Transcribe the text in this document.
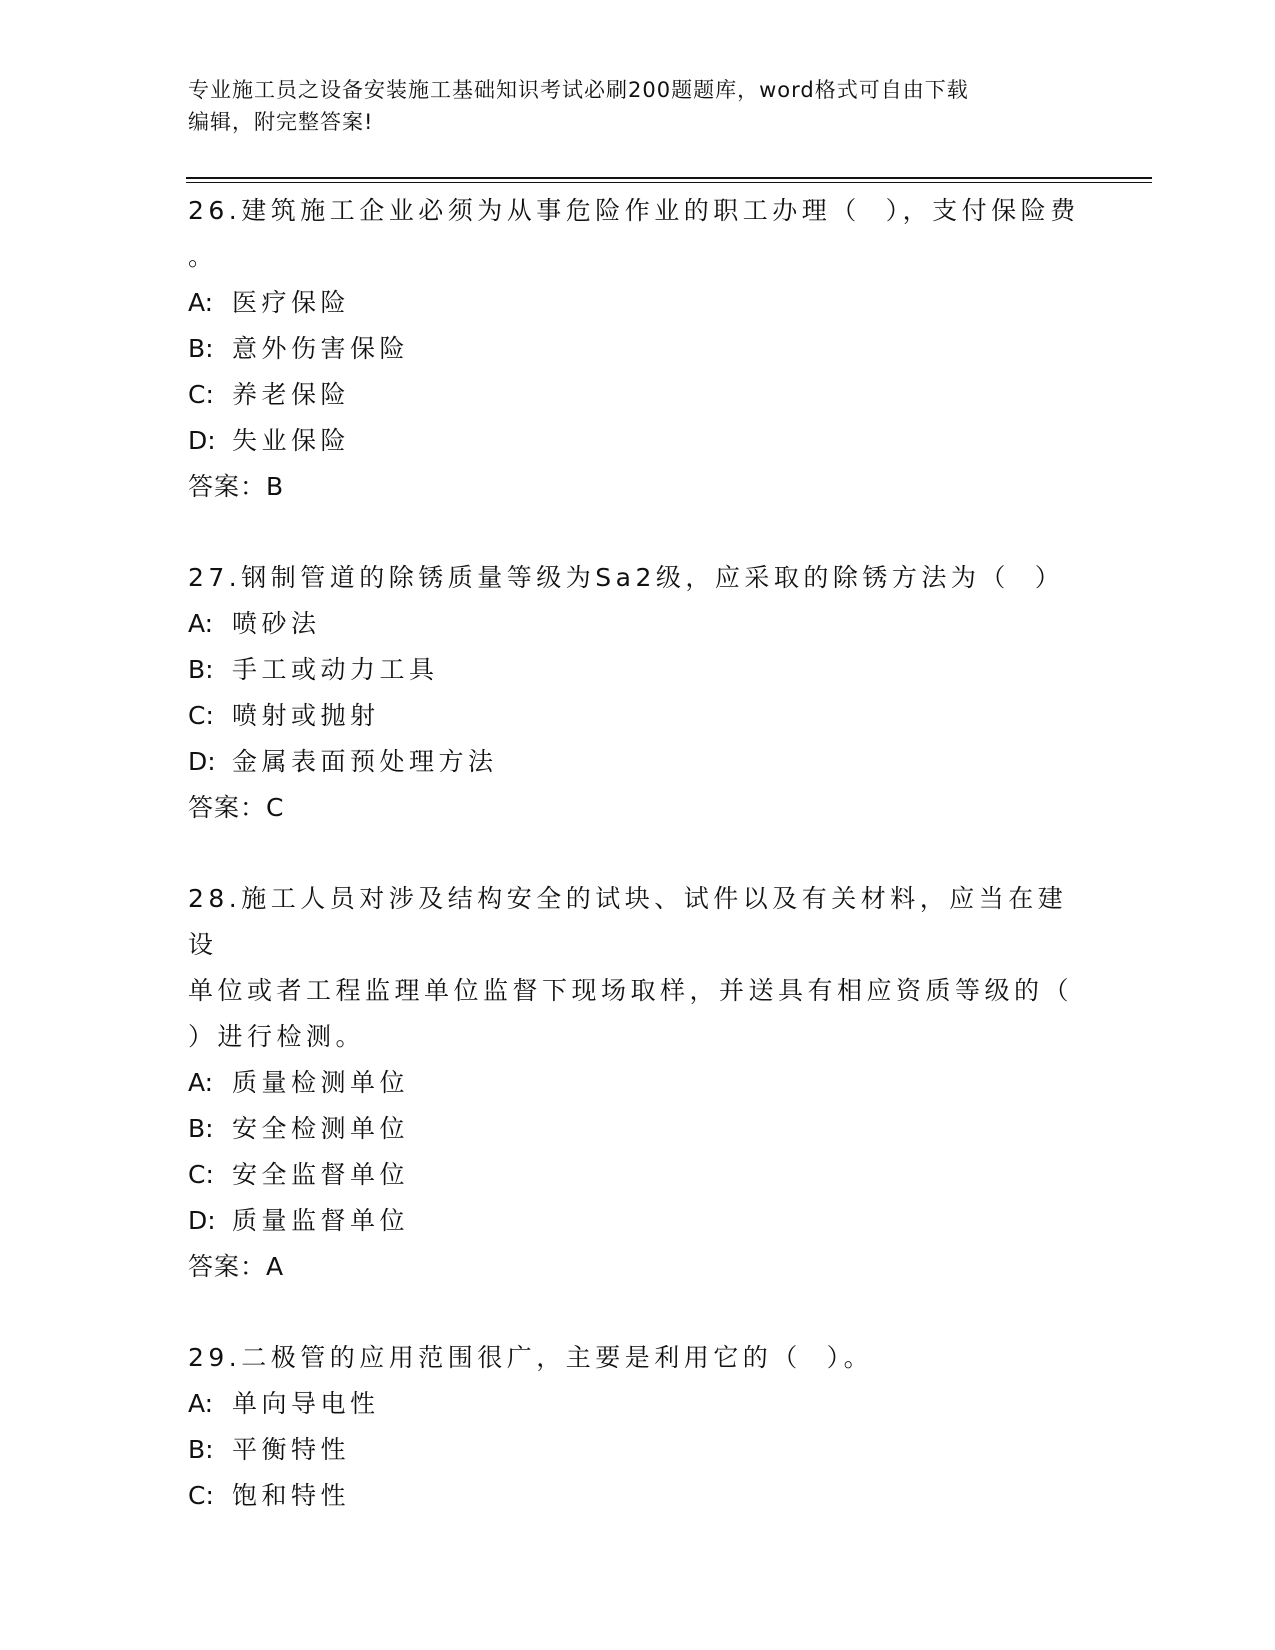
专业施工员之设备安装施工基础知识考试必刷200题题库，word格式可自由下载
编辑，附完整答案!
26.建筑施工企业必须为从事危险作业的职工办理（  ），支付保险费
。
A: 医疗保险
B: 意外伤害保险
C: 养老保险
D: 失业保险
答案：B
27.钢制管道的除锈质量等级为Sa2级，应采取的除锈方法为（  ）
A: 喷砂法
B: 手工或动力工具
C: 喷射或抛射
D: 金属表面预处理方法
答案：C
28.施工人员对涉及结构安全的试块、试件以及有关材料，应当在建设
单位或者工程监理单位监督下现场取样，并送具有相应资质等级的（
）进行检测。
A: 质量检测单位
B: 安全检测单位
C: 安全监督单位
D: 质量监督单位
答案：A
29.二极管的应用范围很广，主要是利用它的（  ）。
A: 单向导电性
B: 平衡特性
C: 饱和特性
